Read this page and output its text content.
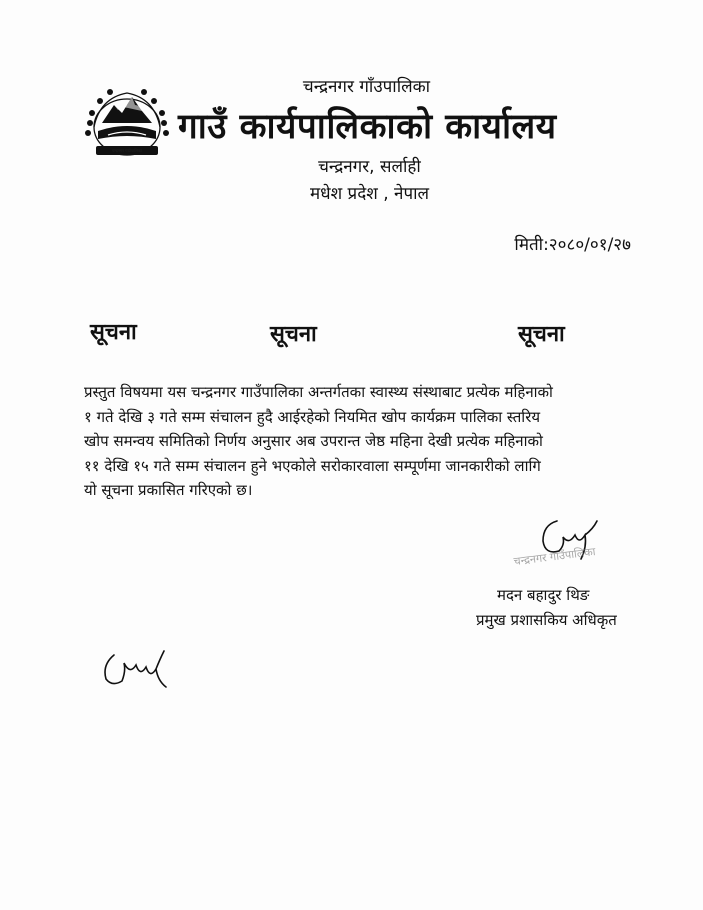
चन्द्रनगर गाउँपालिका
चन्द्रनगर गाँउपालिका
गाउँ कार्यपालिकाको कार्यालय
चन्द्रनगर, सर्लाही
मधेश प्रदेश , नेपाल
मिती:२०८०/०१/२७
सूचना	सूचना	सूचना
प्रस्तुत विषयमा यस चन्द्रनगर गाउँपालिका अन्तर्गतका स्वास्थ्य संस्थाबाट प्रत्येक महिनाको
१ गते देखि ३ गते सम्म संचालन हुदै आईरहेको नियमित खोप कार्यक्रम पालिका स्तरिय
खोप समन्वय समितिको निर्णय अनुसार अब उपरान्त जेष्ठ महिना देखी प्रत्येक महिनाको
११ देखि १५ गते सम्म संचालन हुने भएकोले सरोकारवाला सम्पूर्णमा जानकारीको लागि
यो सूचना प्रकासित गरिएको छ।
चन्द्रनगर गाउँपालिका
मदन बहादुर थिङ
प्रमुख प्रशासकिय अधिकृत
